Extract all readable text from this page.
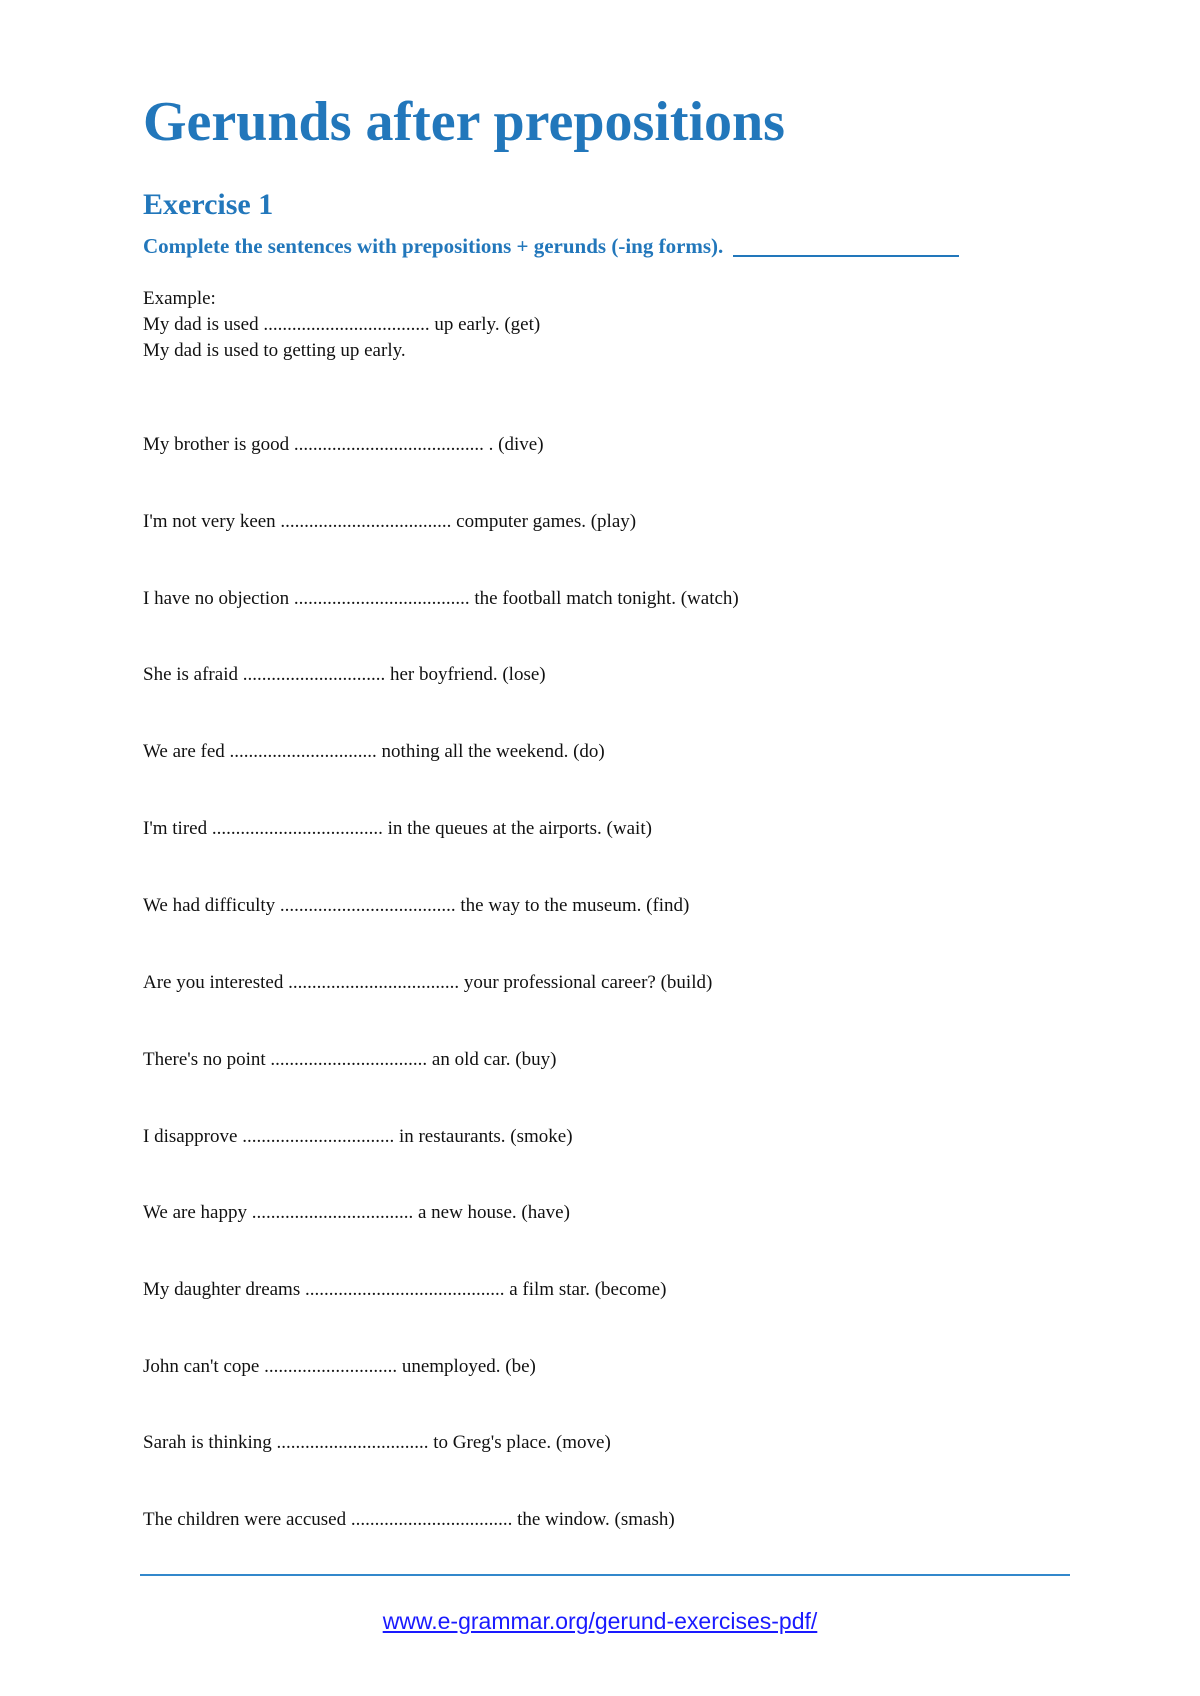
Gerunds after prepositions
Exercise 1

Complete the sentences with prepositions + gerunds (-ing forms).

Example:
My dad is used ................................... up early. (get)
My dad is used to getting up early.

My brother is good ........................................ . (dive)

I'm not very keen .................................... computer games. (play)

I have no objection ..................................... the football match tonight. (watch)

She is afraid .............................. her boyfriend. (lose)

We are fed ............................... nothing all the weekend. (do)

I'm tired .................................... in the queues at the airports. (wait)

We had difficulty ..................................... the way to the museum. (find)

Are you interested .................................... your professional career? (build)

There's no point ................................. an old car. (buy)

I disapprove ................................ in restaurants. (smoke)

We are happy .................................. a new house. (have)

My daughter dreams .......................................... a film star. (become)

John can't cope ............................ unemployed. (be)

Sarah is thinking ................................ to Greg's place. (move)

The children were accused .................................. the window. (smash)

www.e-grammar.org/gerund-exercises-pdf/
